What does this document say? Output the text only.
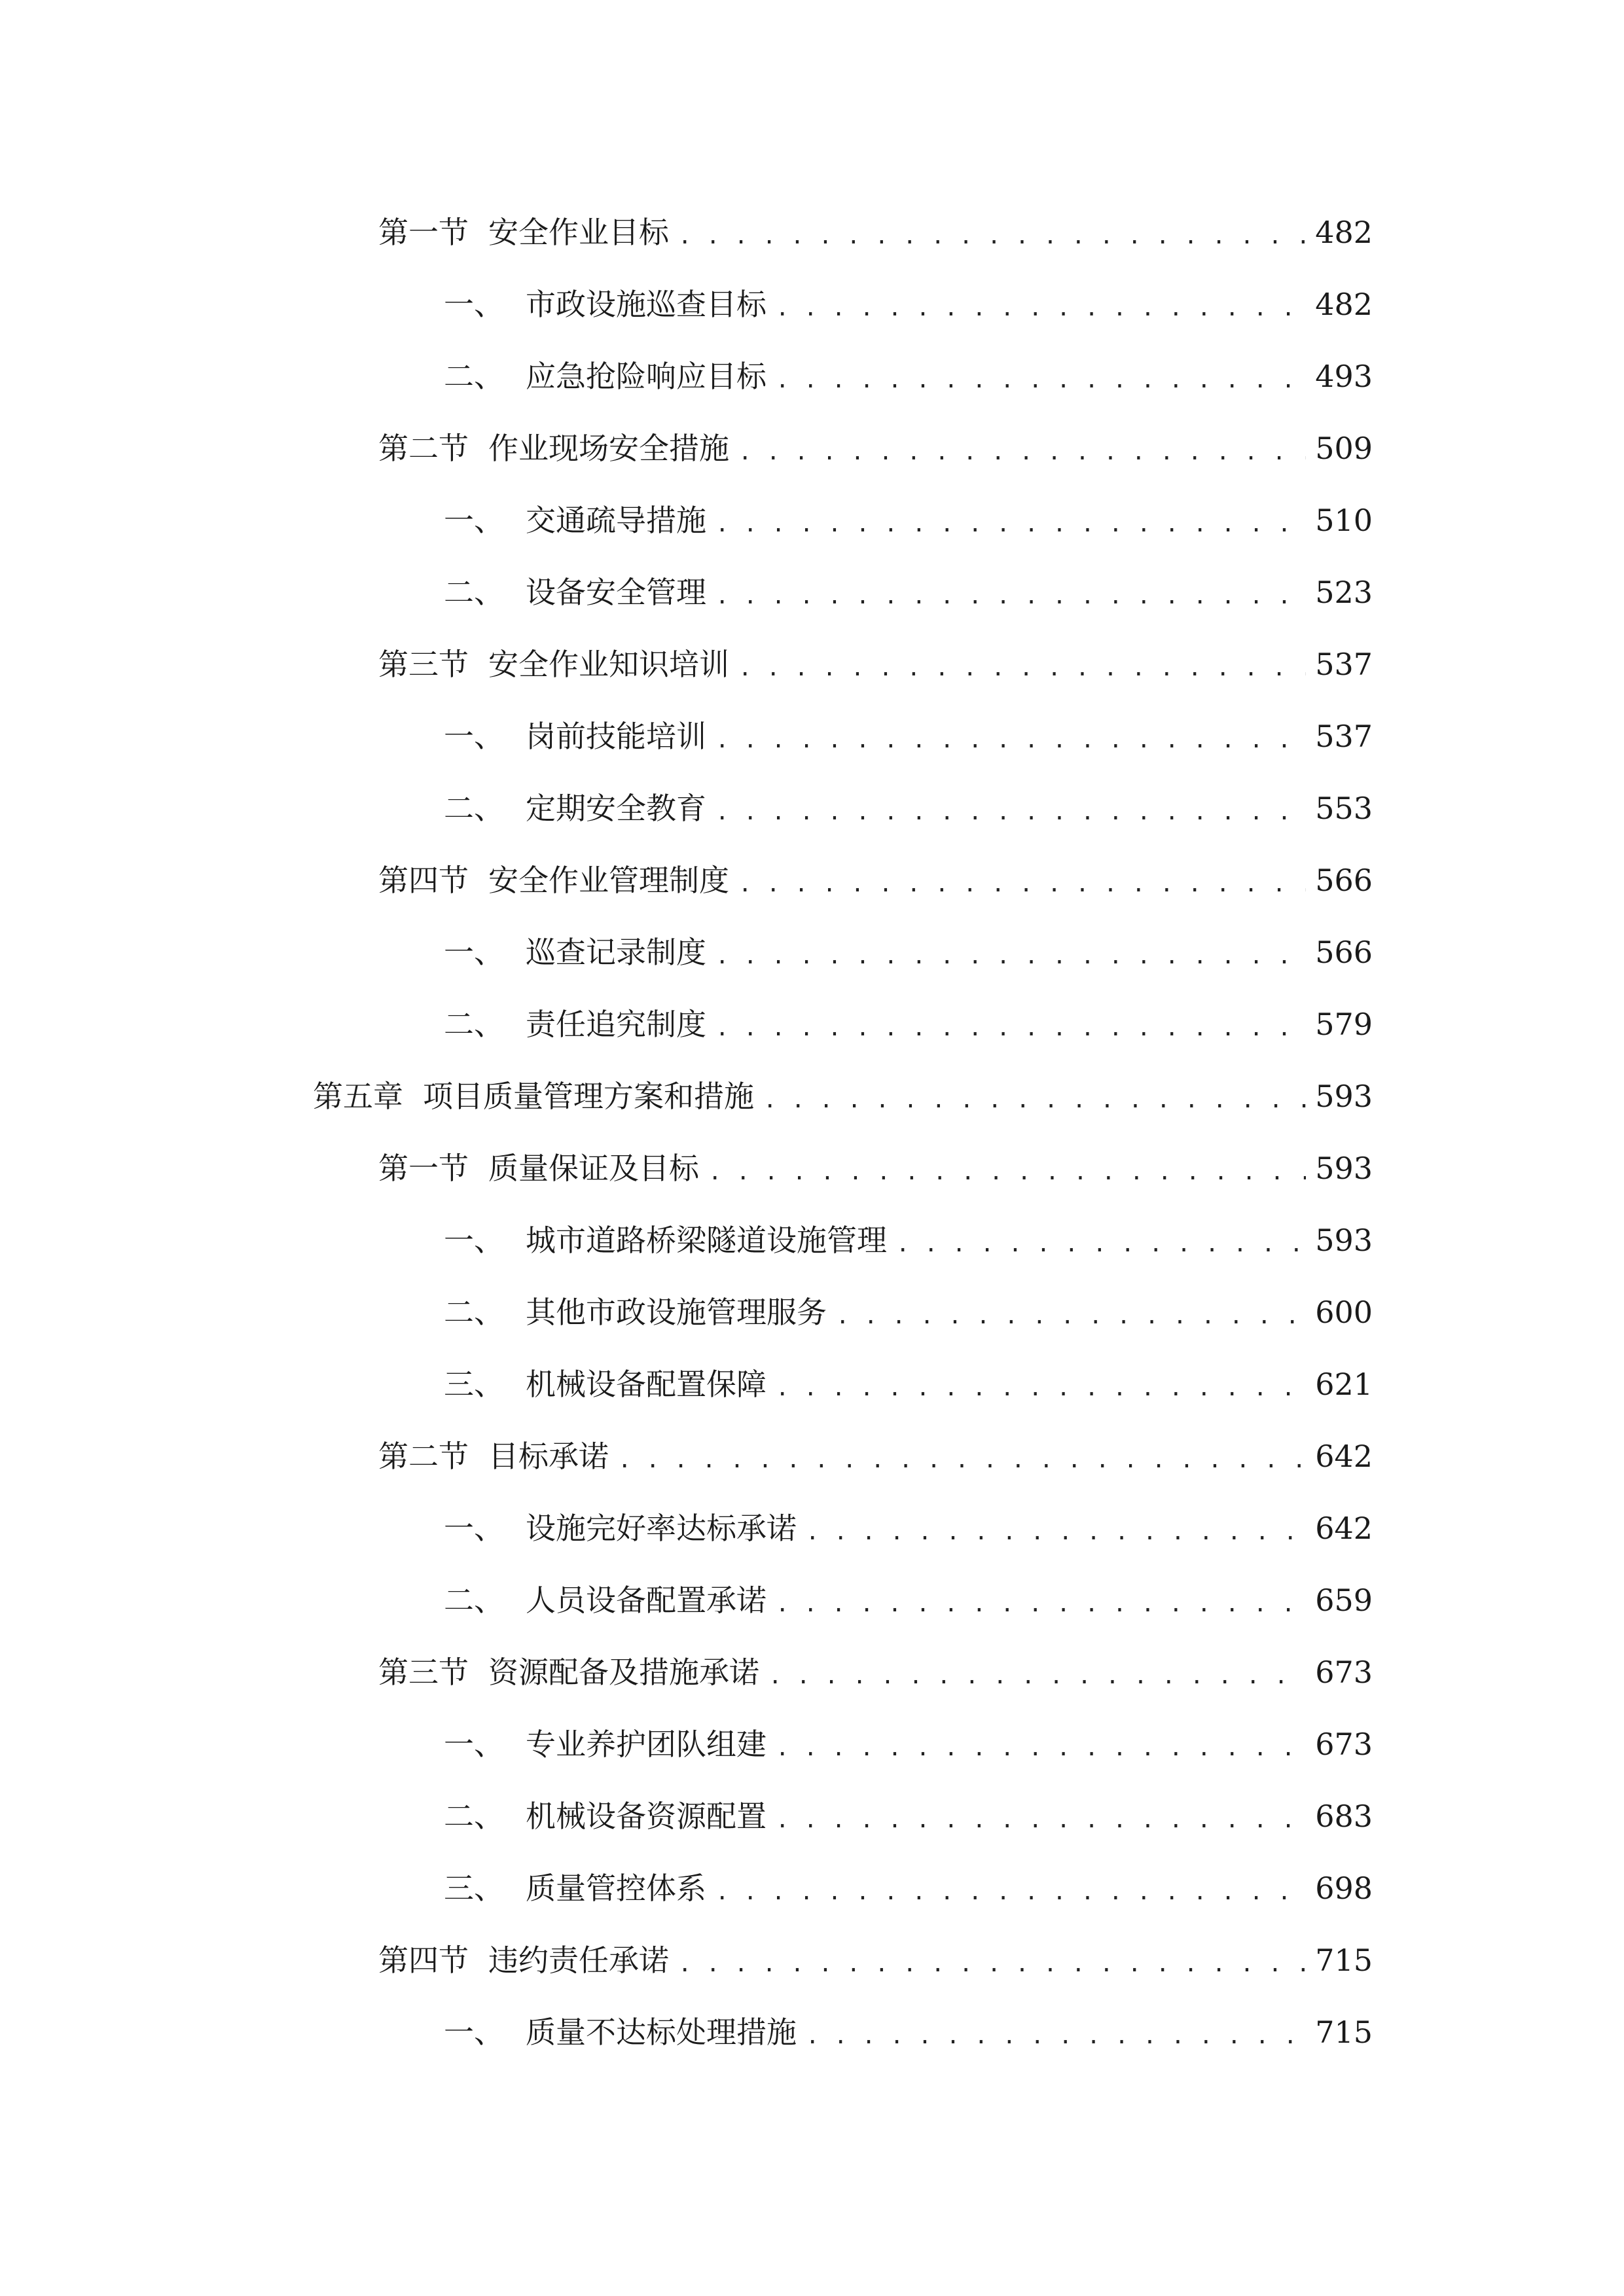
第一节 安全作业目标 . . .	482
一、 市政设施巡查目标 . . .	482
二、 应急抢险响应目标 . . .	493
第二节 作业现场安全措施 . . .	509
一、 交通疏导措施 . . .	510
二、 设备安全管理 . . .	523
第三节 安全作业知识培训 . . .	537
一、 岗前技能培训 . . .	537
二、 定期安全教育 . . .	553
第四节 安全作业管理制度 . . .	566
一、 巡查记录制度 . . .	566
二、 责任追究制度 . . .	579
第五章 项目质量管理方案和措施 . . .	593
第一节 质量保证及目标 . . .	593
一、 城市道路桥梁隧道设施管理 . . .	593
二、 其他市政设施管理服务 . . .	600
三、 机械设备配置保障 . . .	621
第二节 目标承诺 . . .	642
一、 设施完好率达标承诺 . . .	642
二、 人员设备配置承诺 . . .	659
第三节 资源配备及措施承诺 . . .	673
一、 专业养护团队组建 . . .	673
二、 机械设备资源配置 . . .	683
三、 质量管控体系 . . .	698
第四节 违约责任承诺 . . .	715
一、 质量不达标处理措施 . . .	715
